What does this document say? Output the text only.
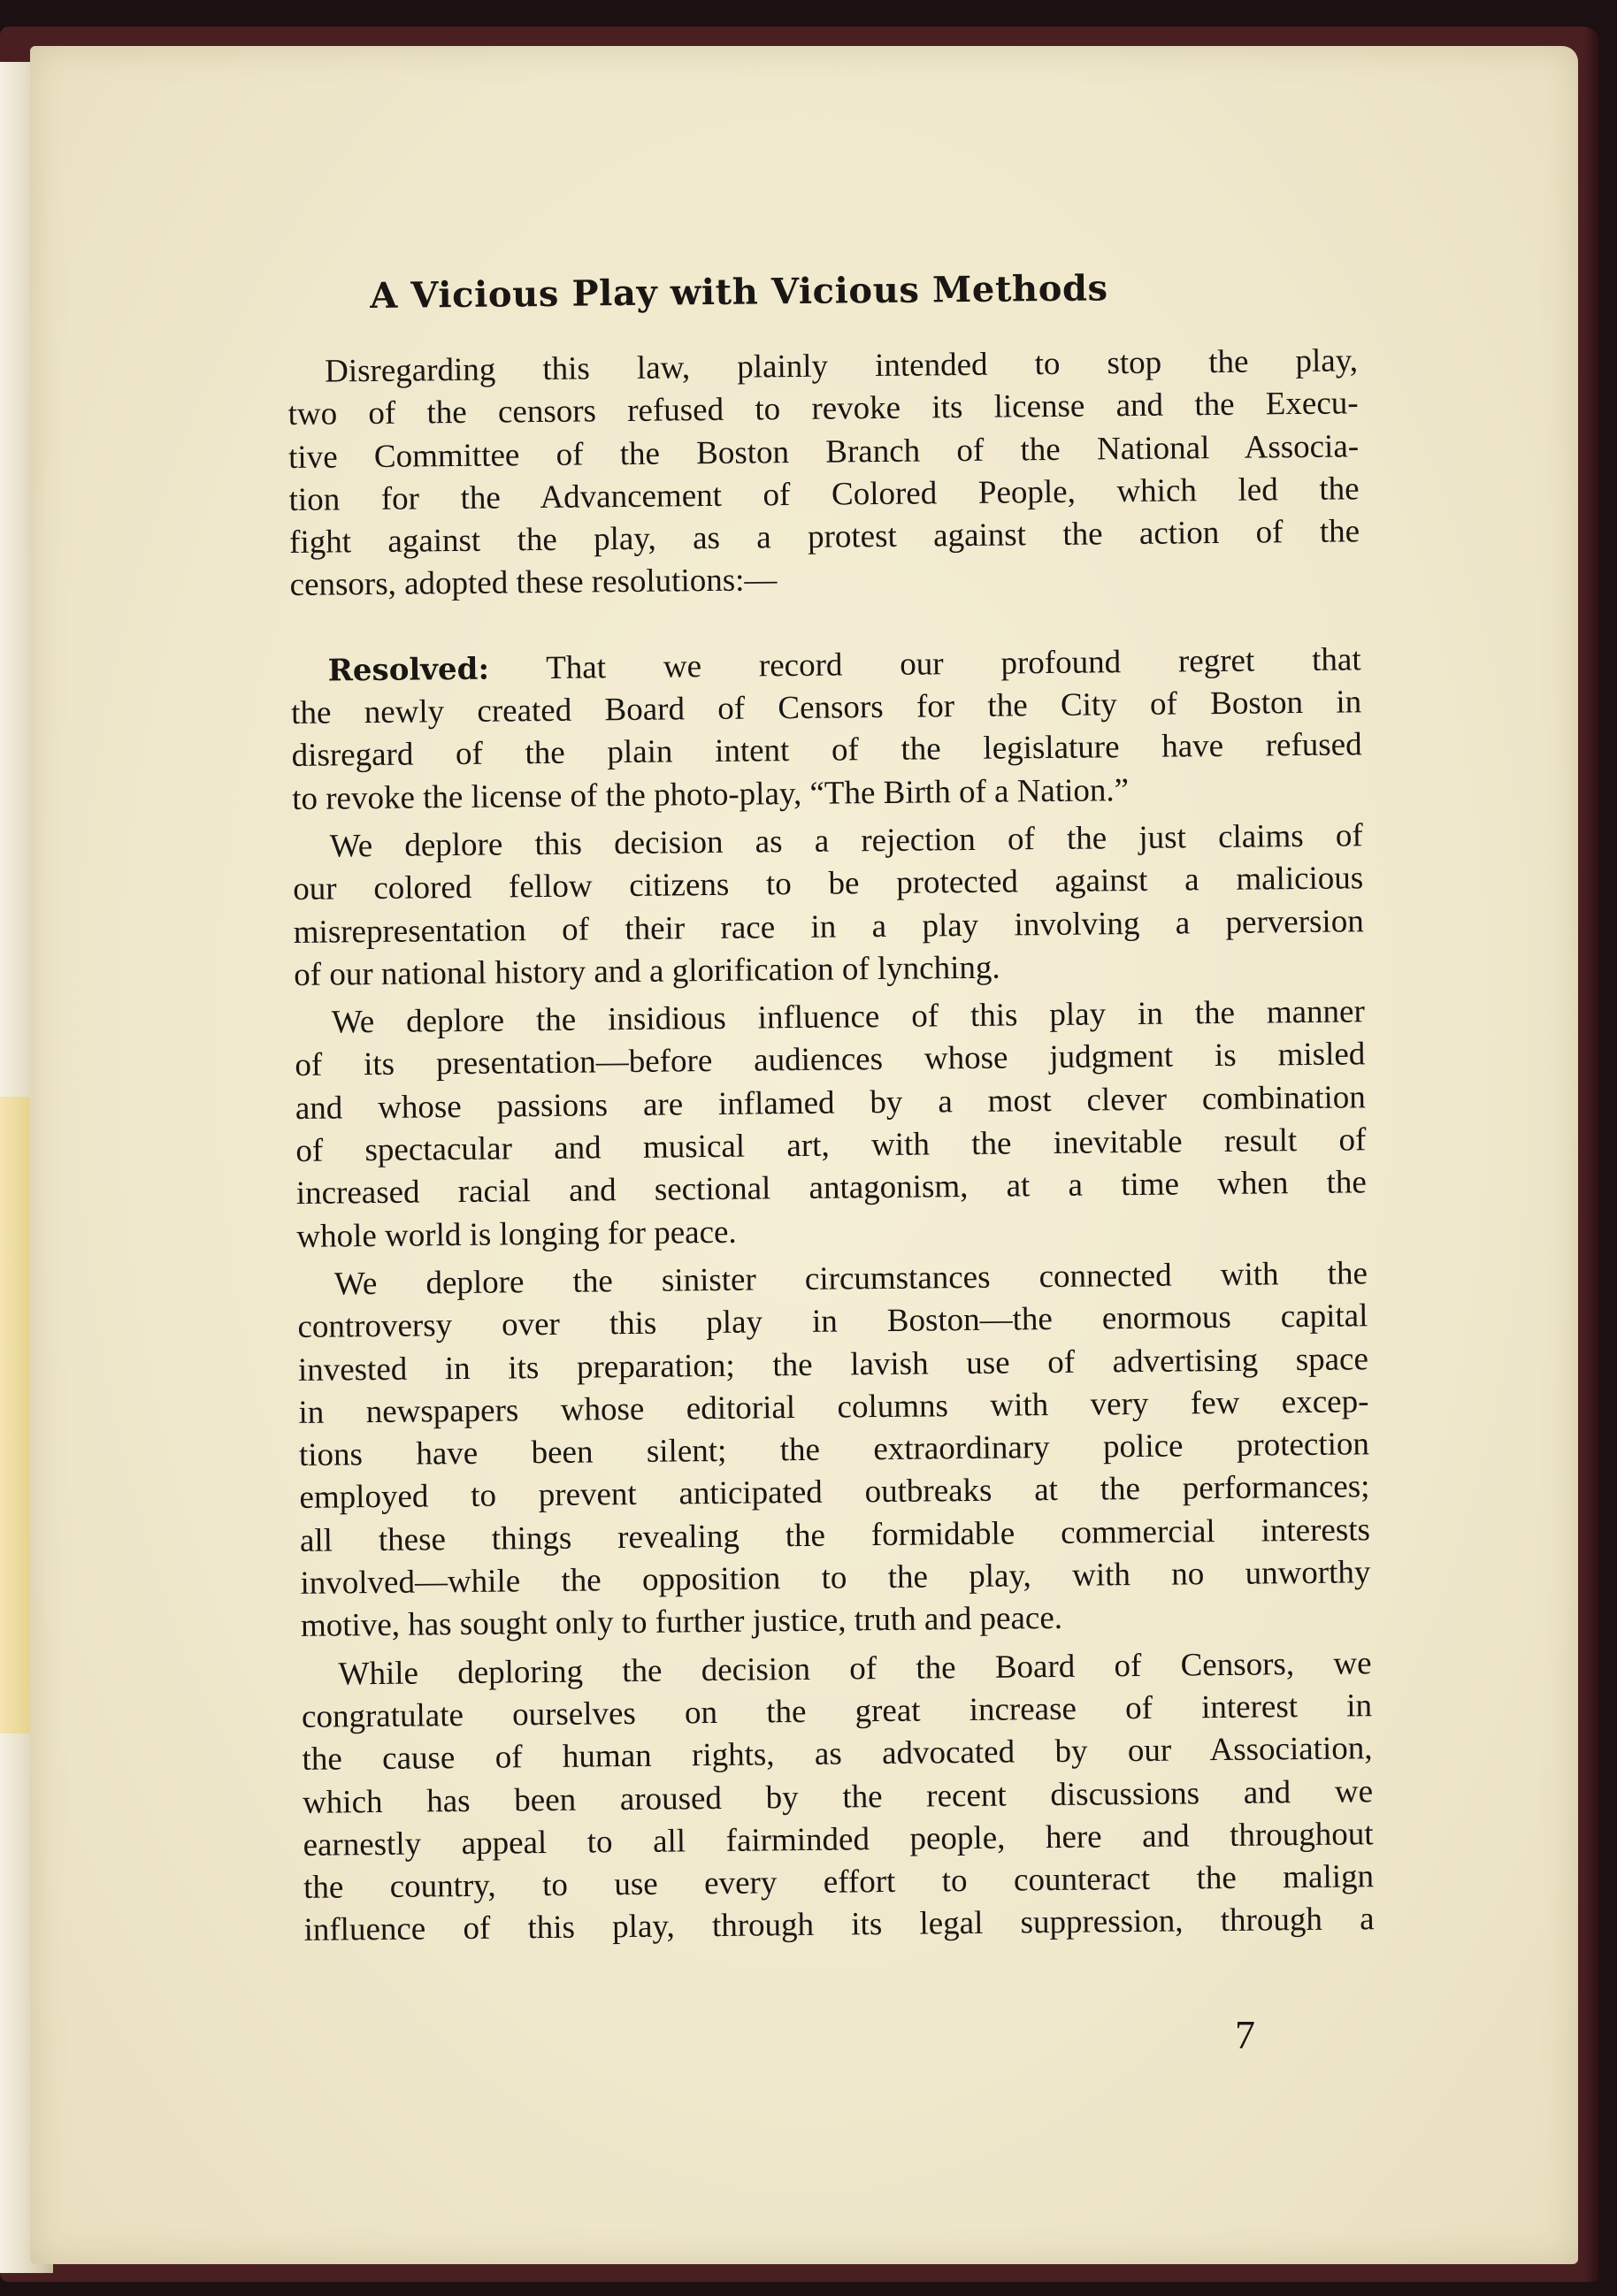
A Vicious Play with Vicious Methods
Disregarding this law, plainly intended to stop the play,
two of the censors refused to revoke its license and the Execu-
tive Committee of the Boston Branch of the National Associa-
tion for the Advancement of Colored People, which led the
fight against the play, as a protest against the action of the
censors, adopted these resolutions:—
Resolved: That we record our profound regret that
the newly created Board of Censors for the City of Boston in
disregard of the plain intent of the legislature have refused
to revoke the license of the photo-play, “The Birth of a Nation.”
We deplore this decision as a rejection of the just claims of
our colored fellow citizens to be protected against a malicious
misrepresentation of their race in a play involving a perversion
of our national history and a glorification of lynching.
We deplore the insidious influence of this play in the manner
of its presentation—before audiences whose judgment is misled
and whose passions are inflamed by a most clever combination
of spectacular and musical art, with the inevitable result of
increased racial and sectional antagonism, at a time when the
whole world is longing for peace.
We deplore the sinister circumstances connected with the
controversy over this play in Boston—the enormous capital
invested in its preparation; the lavish use of advertising space
in newspapers whose editorial columns with very few excep-
tions have been silent; the extraordinary police protection
employed to prevent anticipated outbreaks at the performances;
all these things revealing the formidable commercial interests
involved—while the opposition to the play, with no unworthy
motive, has sought only to further justice, truth and peace.
While deploring the decision of the Board of Censors, we
congratulate ourselves on the great increase of interest in
the cause of human rights, as advocated by our Association,
which has been aroused by the recent discussions and we
earnestly appeal to all fairminded people, here and throughout
the country, to use every effort to counteract the malign
influence of this play, through its legal suppression, through a
7
